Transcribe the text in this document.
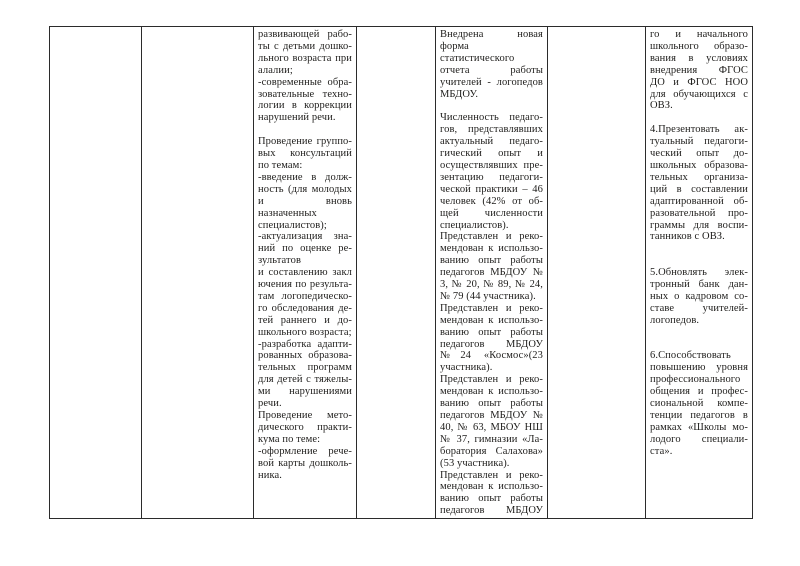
развивающей рабо-
ты с детьми дошко-
льного возраста при
алалии;
-современные обра-
зовательные техно-
логии в коррекции
нарушений речи.

Проведение группо-
вых консультаций
по темам:
-введение в долж-
ность (для молодых
и вновь назначенных
специалистов);
-актуализация зна-
ний по оценке ре-
зультатов
и составлению закл
ючения по результа-
там логопедическо-
го обследования де-
тей раннего и до-
школьного возраста;
-разработка адапти-
рованных образова-
тельных программ
для детей с тяжелы-
ми нарушениями
речи.
Проведение мето-
дического практи-
кума по теме:
-оформление рече-
вой карты дошколь-
ника.
Внедрена новая
форма
статистического
отчета работы
учителей - логопедов
МБДОУ.

Численность педаго-
гов, представлявших
актуальный педаго-
гический опыт и
осуществлявших пре-
зентацию педагоги-
ческой практики – 46
человек (42% от об-
щей численности
специалистов).
Представлен и реко-
мендован к использо-
ванию опыт работы
педагогов МБДОУ №
3, № 20, № 89, № 24,
№ 79 (44 участника).
Представлен и реко-
мендован к использо-
ванию опыт работы
педагогов МБДОУ
№24 «Космос»(23
участника).
Представлен и реко-
мендован к использо-
ванию опыт работы
педагогов МБДОУ №
40, № 63, МБОУ НШ
№ 37, гимназии «Ла-
боратория Салахова»
(53 участника).
Представлен и реко-
мендован к использо-
ванию опыт работы
педагогов МБДОУ
го и начального
школьного образо-
вания в условиях
внедрения ФГОС
ДО и ФГОС НОО
для обучающихся с
ОВЗ.

4.Презентовать ак-
туальный педагоги-
ческий опыт до-
школьных образова-
тельных организа-
ций в составлении
адаптированной об-
разовательной про-
граммы для воспи-
танников с ОВЗ.

5.Обновлять элек-
тронный банк дан-
ных о кадровом со-
ставе учителей-
логопедов.

6.Способствовать
повышению уровня
профессионального
общения и профес-
сиональной компе-
тенции педагогов в
рамках «Школы мо-
лодого специали-
ста».
